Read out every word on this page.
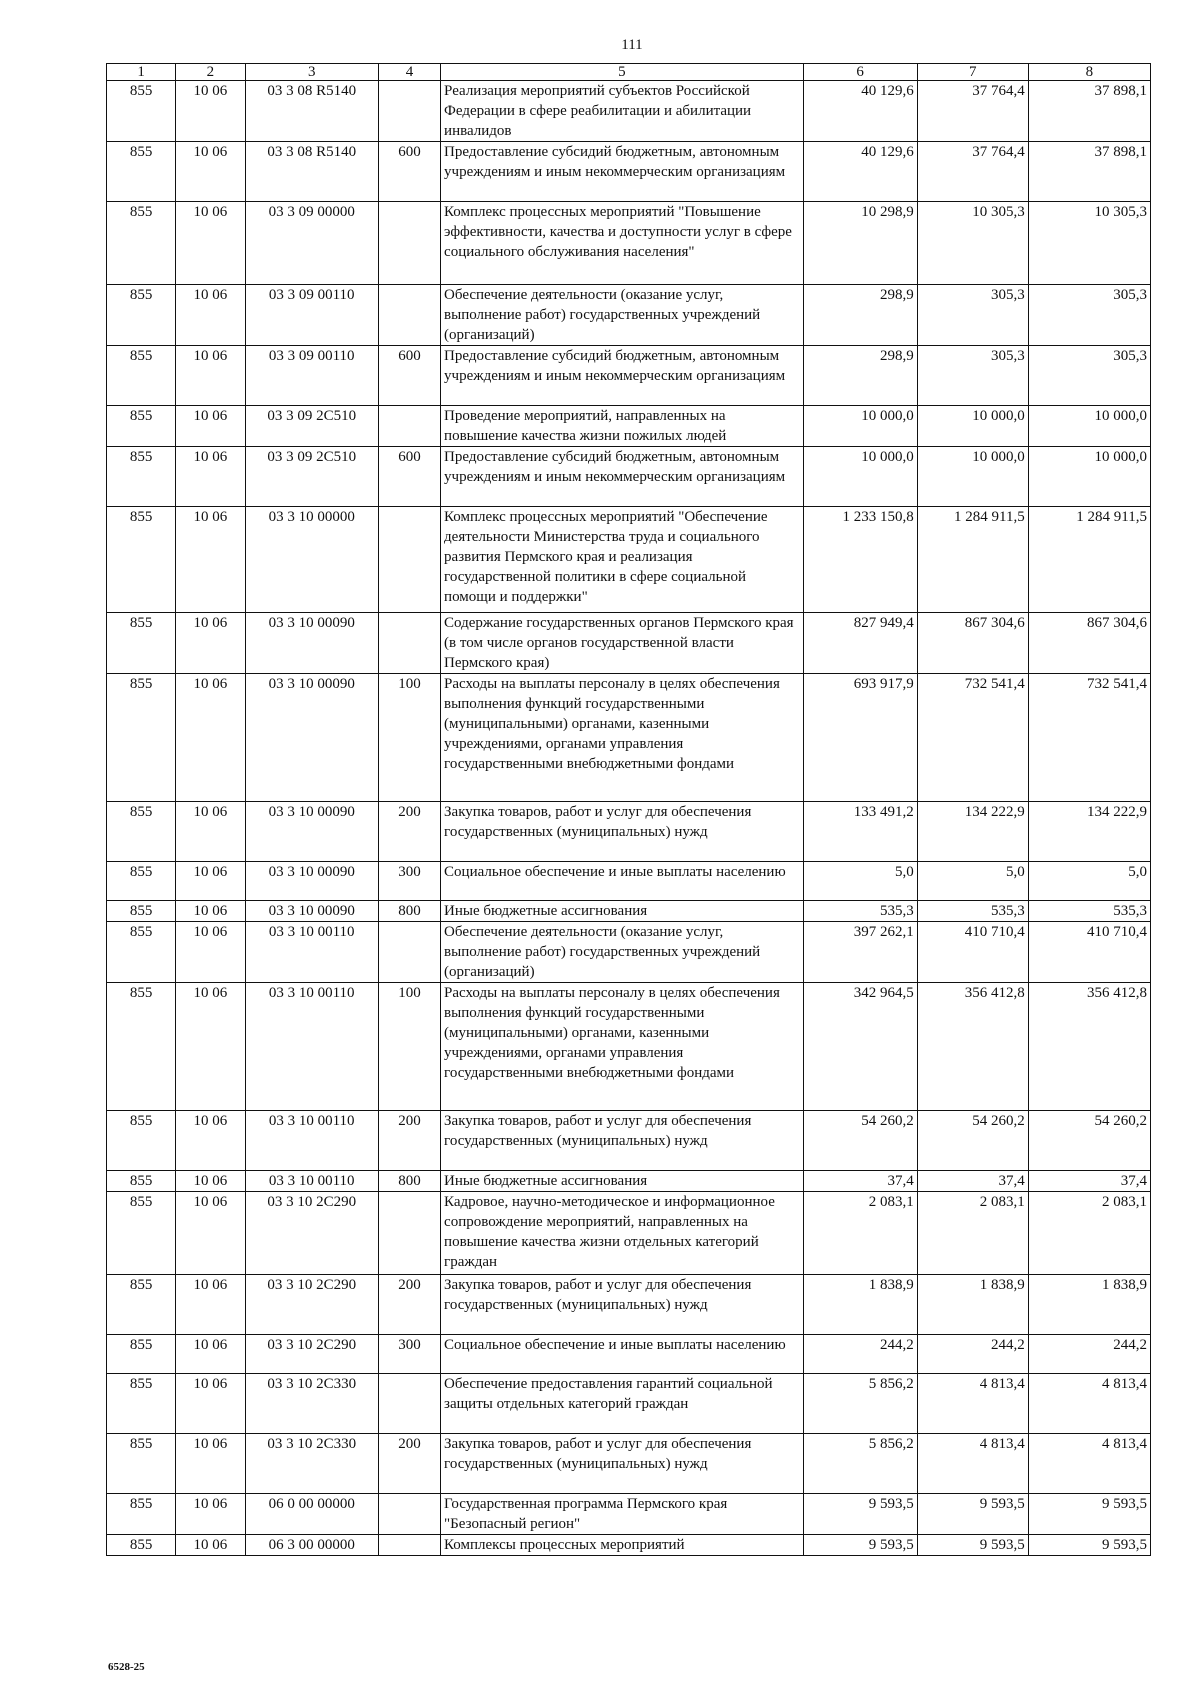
111
1	2	3	4	5	6	7	8
855	10 06	03 3 08 R5140		Реализация мероприятий субъектов Российской Федерации в сфере реабилитации и абилитации инвалидов	40 129,6	37 764,4	37 898,1
855	10 06	03 3 08 R5140	600	Предоставление субсидий бюджетным, автономным учреждениям и иным некоммерческим организациям	40 129,6	37 764,4	37 898,1
855	10 06	03 3 09 00000		Комплекс процессных мероприятий "Повышение эффективности, качества и доступности услуг в сфере социального обслуживания населения"	10 298,9	10 305,3	10 305,3
855	10 06	03 3 09 00110		Обеспечение деятельности (оказание услуг, выполнение работ) государственных учреждений (организаций)	298,9	305,3	305,3
855	10 06	03 3 09 00110	600	Предоставление субсидий бюджетным, автономным учреждениям и иным некоммерческим организациям	298,9	305,3	305,3
855	10 06	03 3 09 2С510		Проведение мероприятий, направленных на повышение качества жизни пожилых людей	10 000,0	10 000,0	10 000,0
855	10 06	03 3 09 2С510	600	Предоставление субсидий бюджетным, автономным учреждениям и иным некоммерческим организациям	10 000,0	10 000,0	10 000,0
855	10 06	03 3 10 00000		Комплекс процессных мероприятий "Обеспечение деятельности Министерства труда и социального развития Пермского края и реализация государственной политики в сфере социальной помощи и поддержки"	1 233 150,8	1 284 911,5	1 284 911,5
855	10 06	03 3 10 00090		Содержание государственных органов Пермского края (в том числе органов государственной власти Пермского края)	827 949,4	867 304,6	867 304,6
855	10 06	03 3 10 00090	100	Расходы на выплаты персоналу в целях обеспечения выполнения функций государственными (муниципальными) органами, казенными учреждениями, органами управления государственными внебюджетными фондами	693 917,9	732 541,4	732 541,4
855	10 06	03 3 10 00090	200	Закупка товаров, работ и услуг для обеспечения государственных (муниципальных) нужд	133 491,2	134 222,9	134 222,9
855	10 06	03 3 10 00090	300	Социальное обеспечение и иные выплаты населению	5,0	5,0	5,0
855	10 06	03 3 10 00090	800	Иные бюджетные ассигнования	535,3	535,3	535,3
855	10 06	03 3 10 00110		Обеспечение деятельности (оказание услуг, выполнение работ) государственных учреждений (организаций)	397 262,1	410 710,4	410 710,4
855	10 06	03 3 10 00110	100	Расходы на выплаты персоналу в целях обеспечения выполнения функций государственными (муниципальными) органами, казенными учреждениями, органами управления государственными внебюджетными фондами	342 964,5	356 412,8	356 412,8
855	10 06	03 3 10 00110	200	Закупка товаров, работ и услуг для обеспечения государственных (муниципальных) нужд	54 260,2	54 260,2	54 260,2
855	10 06	03 3 10 00110	800	Иные бюджетные ассигнования	37,4	37,4	37,4
855	10 06	03 3 10 2С290		Кадровое, научно-методическое и информационное сопровождение мероприятий, направленных на повышение качества жизни отдельных категорий граждан	2 083,1	2 083,1	2 083,1
855	10 06	03 3 10 2С290	200	Закупка товаров, работ и услуг для обеспечения государственных (муниципальных) нужд	1 838,9	1 838,9	1 838,9
855	10 06	03 3 10 2С290	300	Социальное обеспечение и иные выплаты населению	244,2	244,2	244,2
855	10 06	03 3 10 2С330		Обеспечение предоставления гарантий социальной защиты отдельных категорий граждан	5 856,2	4 813,4	4 813,4
855	10 06	03 3 10 2С330	200	Закупка товаров, работ и услуг для обеспечения государственных (муниципальных) нужд	5 856,2	4 813,4	4 813,4
855	10 06	06 0 00 00000		Государственная программа Пермского края "Безопасный регион"	9 593,5	9 593,5	9 593,5
855	10 06	06 3 00 00000		Комплексы процессных мероприятий	9 593,5	9 593,5	9 593,5
6528-25
